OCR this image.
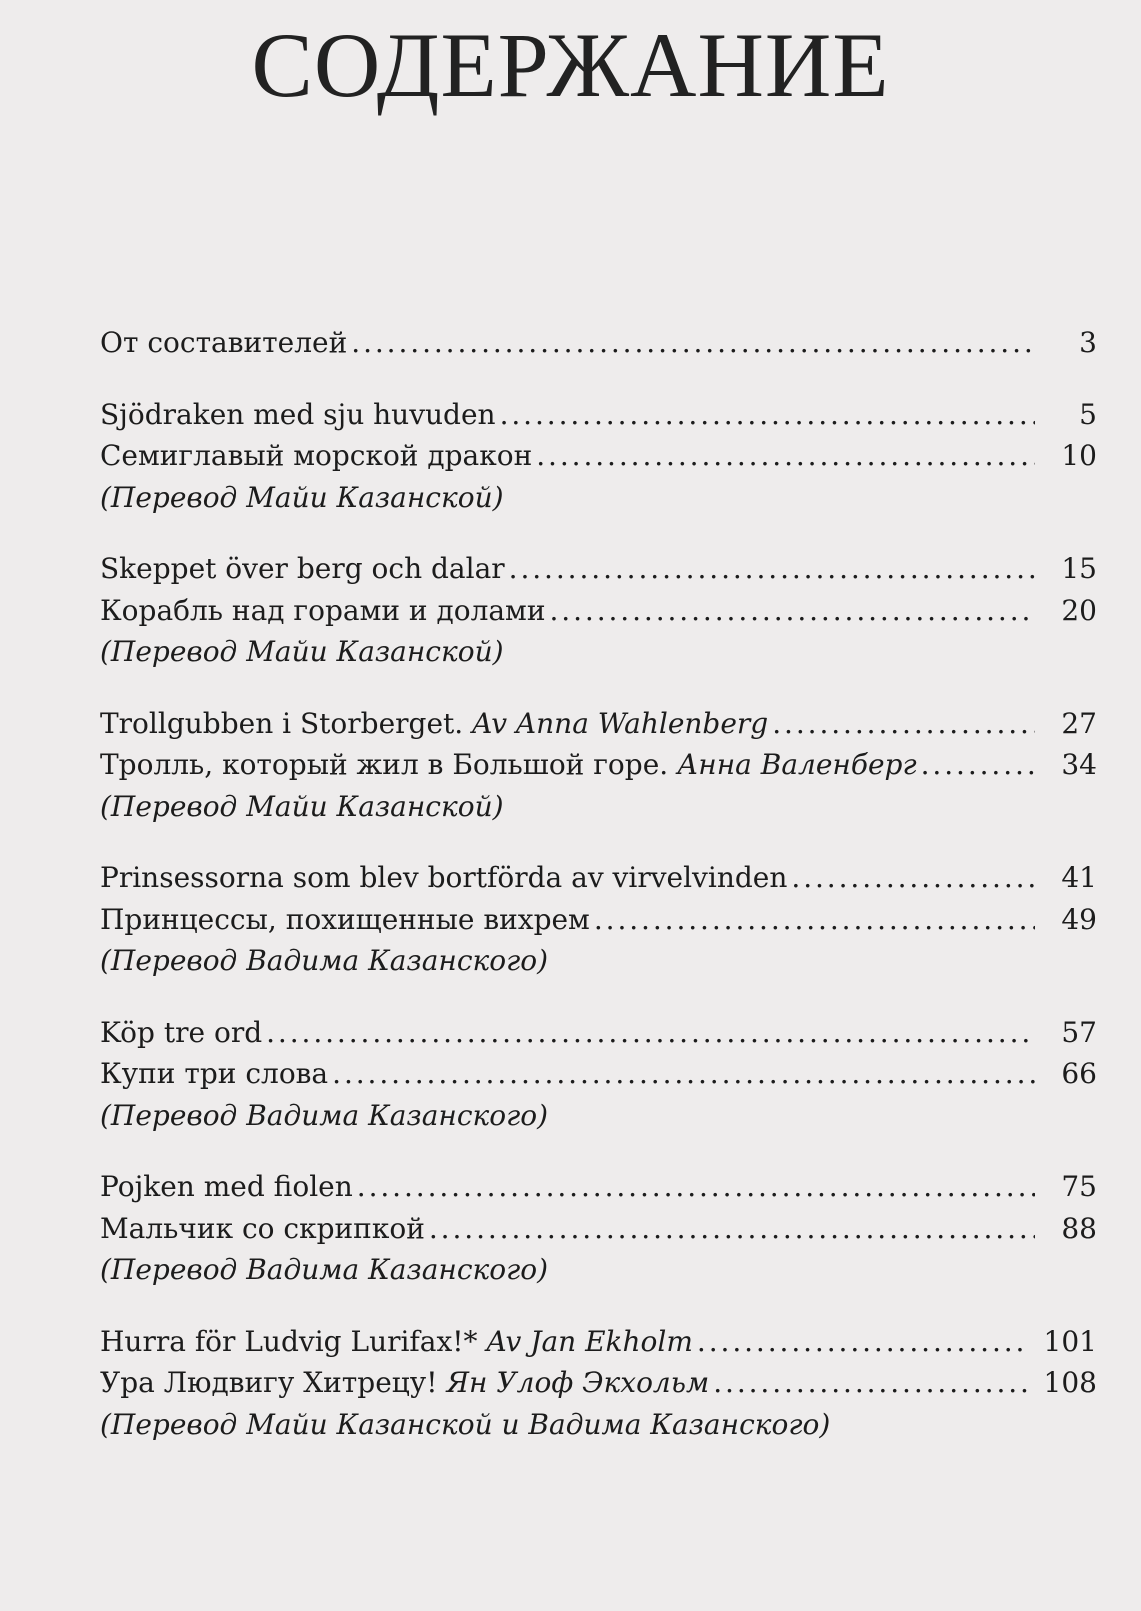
СОДЕРЖАНИЕ
От составителей . . .	3
Sjödraken med sju huvuden . . .	5
Семиглавый морской дракон . . .	10
(Перевод Майи Казанской)
Skeppet över berg och dalar . . .	15
Корабль над горами и долами . . .	20
(Перевод Майи Казанской)
Trollgubben i Storberget. Av Anna Wahlenberg . . .	27
Тролль, который жил в Большой горе. Анна Валенберг . . .	34
(Перевод Майи Казанской)
Prinsessorna som blev bortförda av virvelvinden . . .	41
Принцессы, похищенные вихрем . . .	49
(Перевод Вадима Казанского)
Köp tre ord . . .	57
Купи три слова . . .	66
(Перевод Вадима Казанского)
Pojken med fiolen . . .	75
Мальчик со скрипкой . . .	88
(Перевод Вадима Казанского)
Hurra för Ludvig Lurifax!* Av Jan Ekholm . . .	101
Ура Людвигу Хитрецу! Ян Улоф Экхольм . . .	108
(Перевод Майи Казанской и Вадима Казанского)
